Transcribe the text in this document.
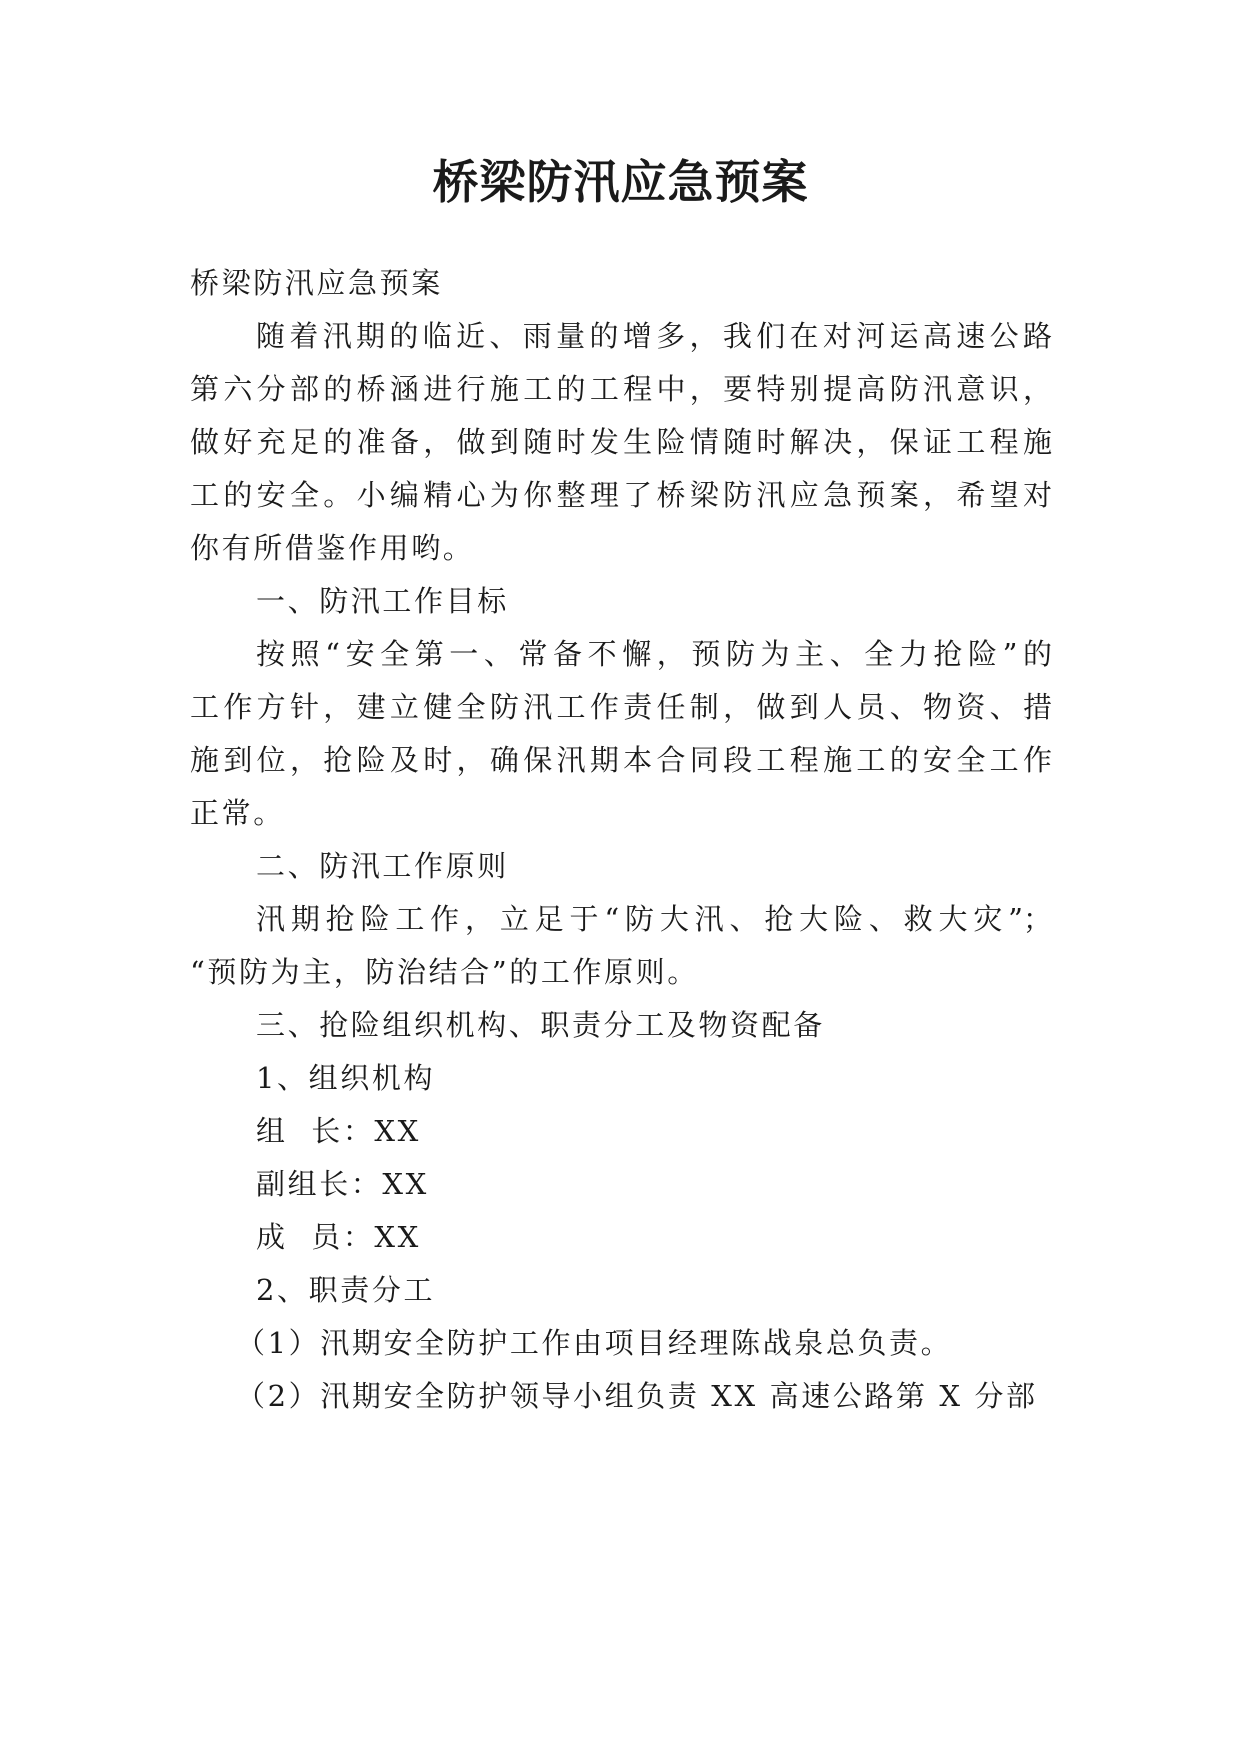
桥梁防汛应急预案
桥梁防汛应急预案
随着汛期的临近、雨量的增多，我们在对河运高速公路
第六分部的桥涵进行施工的工程中，要特别提高防汛意识，
做好充足的准备，做到随时发生险情随时解决，保证工程施
工的安全。小编精心为你整理了桥梁防汛应急预案，希望对
你有所借鉴作用哟。
一、防汛工作目标
按照“安全第一、常备不懈，预防为主、全力抢险”的
工作方针，建立健全防汛工作责任制，做到人员、物资、措
施到位，抢险及时，确保汛期本合同段工程施工的安全工作
正常。
二、防汛工作原则
汛期抢险工作，立足于“防大汛、抢大险、救大灾”；
“预防为主，防治结合”的工作原则。
三、抢险组织机构、职责分工及物资配备
1、组织机构
组  长：XX
副组长：XX
成  员：XX
2、职责分工
（1）汛期安全防护工作由项目经理陈战泉总负责。
（2）汛期安全防护领导小组负责 XX 高速公路第 X 分部
